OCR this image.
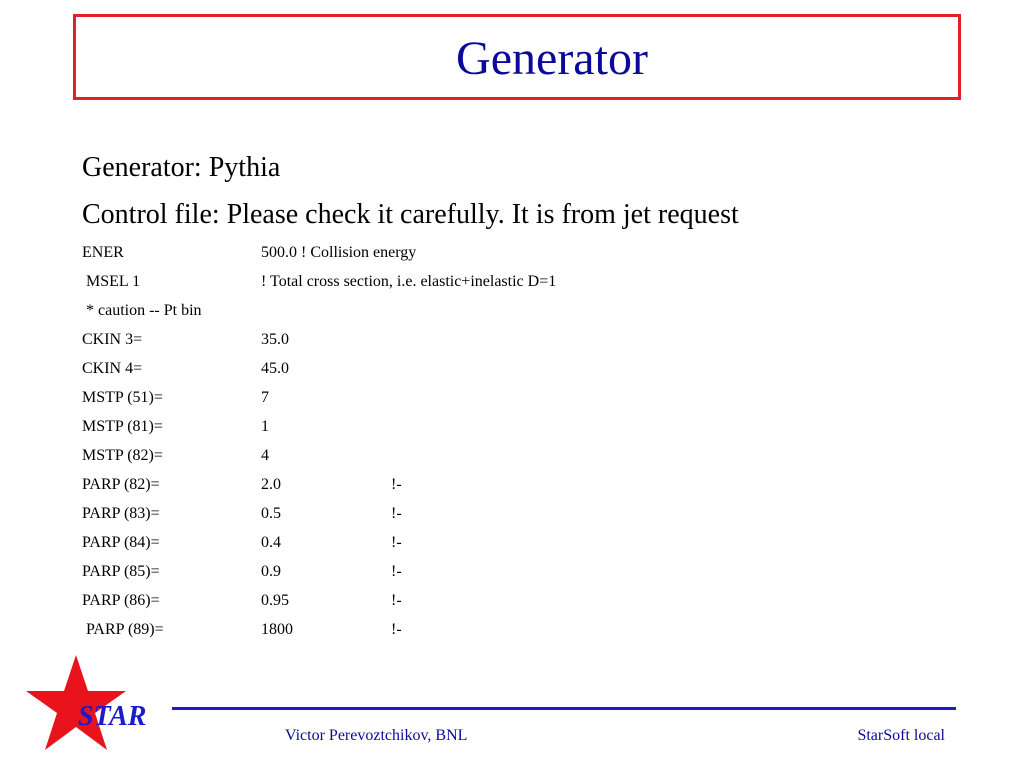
Generator
Generator: Pythia
Control file: Please check it carefully. It is from jet request
ENER	500.0 ! Collision energy
MSEL 1	! Total cross section, i.e. elastic+inelastic D=1
* caution -- Pt bin
CKIN 3=	35.0
CKIN 4=	45.0
MSTP (51)=	7
MSTP (81)=	1
MSTP (82)=	4
PARP (82)=	2.0	!-
PARP (83)=	0.5	!-
PARP (84)=	0.4	!-
PARP (85)=	0.9	!-
PARP (86)=	0.95	!-
PARP (89)=	1800	!-
STAR
Victor Perevoztchikov, BNL	StarSoft local
